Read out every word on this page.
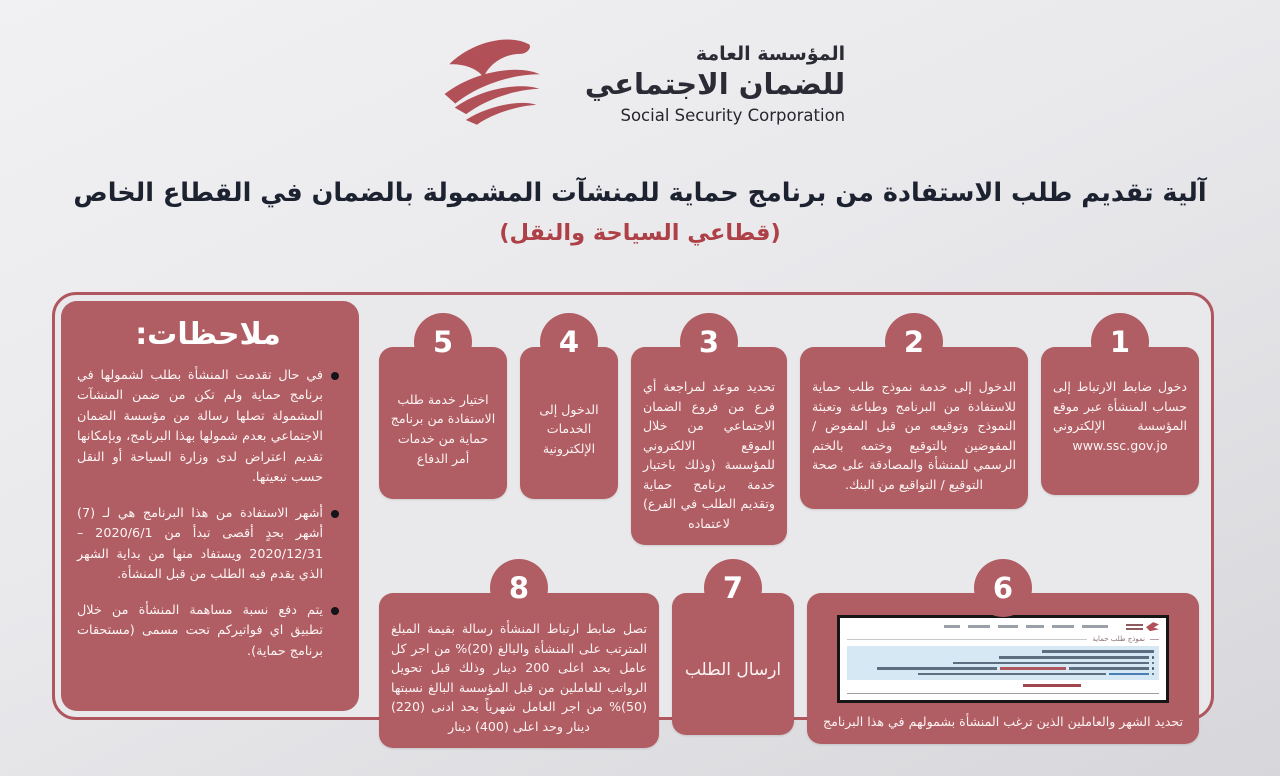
المؤسسة العامة
للضمان الاجتماعي
Social Security Corporation
آلية تقديم طلب الاستفادة من برنامج حماية للمنشآت المشمولة بالضمان في القطاع الخاص
(قطاعي السياحة والنقل)
1

دخول ضابط الارتباط إلى حساب المنشأة عبر موقع المؤسسة الإلكتروني www.ssc.gov.jo

2

الدخول إلى خدمة نموذج طلب حماية للاستفادة من البرنامج وطباعة وتعبئة النموذج وتوقيعه من قبل المفوض / المفوضين بالتوقيع وختمه بالختم الرسمي للمنشأة والمصادقة على صحة التوقيع / التواقيع من البنك.

3

تحديد موعد لمراجعة أي فرع من فروع الضمان الاجتماعي من خلال الموقع الالكتروني للمؤسسة (وذلك باختيار خدمة برنامج حماية وتقديم الطلب في الفرع) لاعتماده

4

الدخول إلى الخدمات الإلكترونية

5

اختيار خدمة طلب الاستفادة من برنامج حماية من خدمات أمر الدفاع

6
نموذج طلب حماية

تحديد الشهر والعاملين الذين ترغب المنشأة بشمولهم في هذا البرنامج

7

ارسال الطلب

8

تصل ضابط ارتباط المنشأة رسالة بقيمة المبلغ المترتب على المنشأة والبالغ (20)% من اجر كل عامل بحد اعلى 200 دينار وذلك قبل تحويل الرواتب للعاملين من قبل المؤسسة البالغ نسبتها (50)% من اجر العامل شهرياً بحد ادنى (220) دينار وحد اعلى (400) دينار

ملاحظات:

في حال تقدمت المنشأة بطلب لشمولها في برنامج حماية ولم تكن من ضمن المنشآت المشمولة تصلها رسالة من مؤسسة الضمان الاجتماعي بعدم شمولها بهذا البرنامج، وبإمكانها تقديم اعتراض لدى وزارة السياحة أو النقل حسب تبعيتها.

أشهر الاستفادة من هذا البرنامج هي لـ (7) أشهر بحدٍ أقصى تبدأ من 2020/6/1 – 2020/12/31 ويستفاد منها من بداية الشهر الذي يقدم فيه الطلب من قبل المنشأة.

يتم دفع نسبة مساهمة المنشأة من خلال تطبيق اي فواتيركم تحت مسمى (مستحقات برنامج حماية).
